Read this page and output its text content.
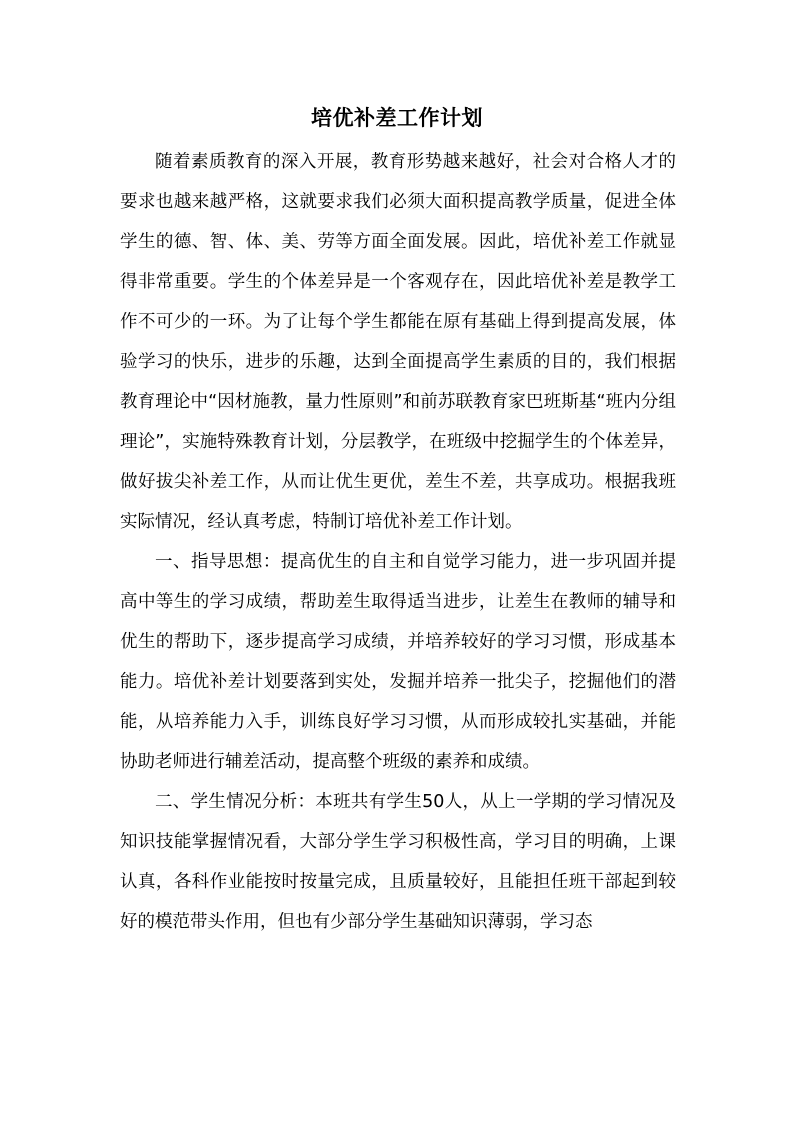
培优补差工作计划

随着素质教育的深入开展，教育形势越来越好，社会对合格人才的要求也越来越严格，这就要求我们必须大面积提高教学质量，促进全体学生的德、智、体、美、劳等方面全面发展。因此，培优补差工作就显得非常重要。学生的个体差异是一个客观存在，因此培优补差是教学工作不可少的一环。为了让每个学生都能在原有基础上得到提高发展，体验学习的快乐，进步的乐趣，达到全面提高学生素质的目的，我们根据教育理论中“因材施教，量力性原则”和前苏联教育家巴班斯基“班内分组理论”，实施特殊教育计划，分层教学，在班级中挖掘学生的个体差异，做好拔尖补差工作，从而让优生更优，差生不差，共享成功。根据我班实际情况，经认真考虑，特制订培优补差工作计划。

一、指导思想：提高优生的自主和自觉学习能力，进一步巩固并提高中等生的学习成绩，帮助差生取得适当进步，让差生在教师的辅导和优生的帮助下，逐步提高学习成绩，并培养较好的学习习惯，形成基本能力。培优补差计划要落到实处，发掘并培养一批尖子，挖掘他们的潜能，从培养能力入手，训练良好学习习惯，从而形成较扎实基础，并能协助老师进行辅差活动，提高整个班级的素养和成绩。

二、学生情况分析：本班共有学生50人，从上一学期的学习情况及知识技能掌握情况看，大部分学生学习积极性高，学习目的明确，上课认真，各科作业能按时按量完成，且质量较好，且能担任班干部起到较好的模范带头作用，但也有少部分学生基础知识薄弱，学习态
